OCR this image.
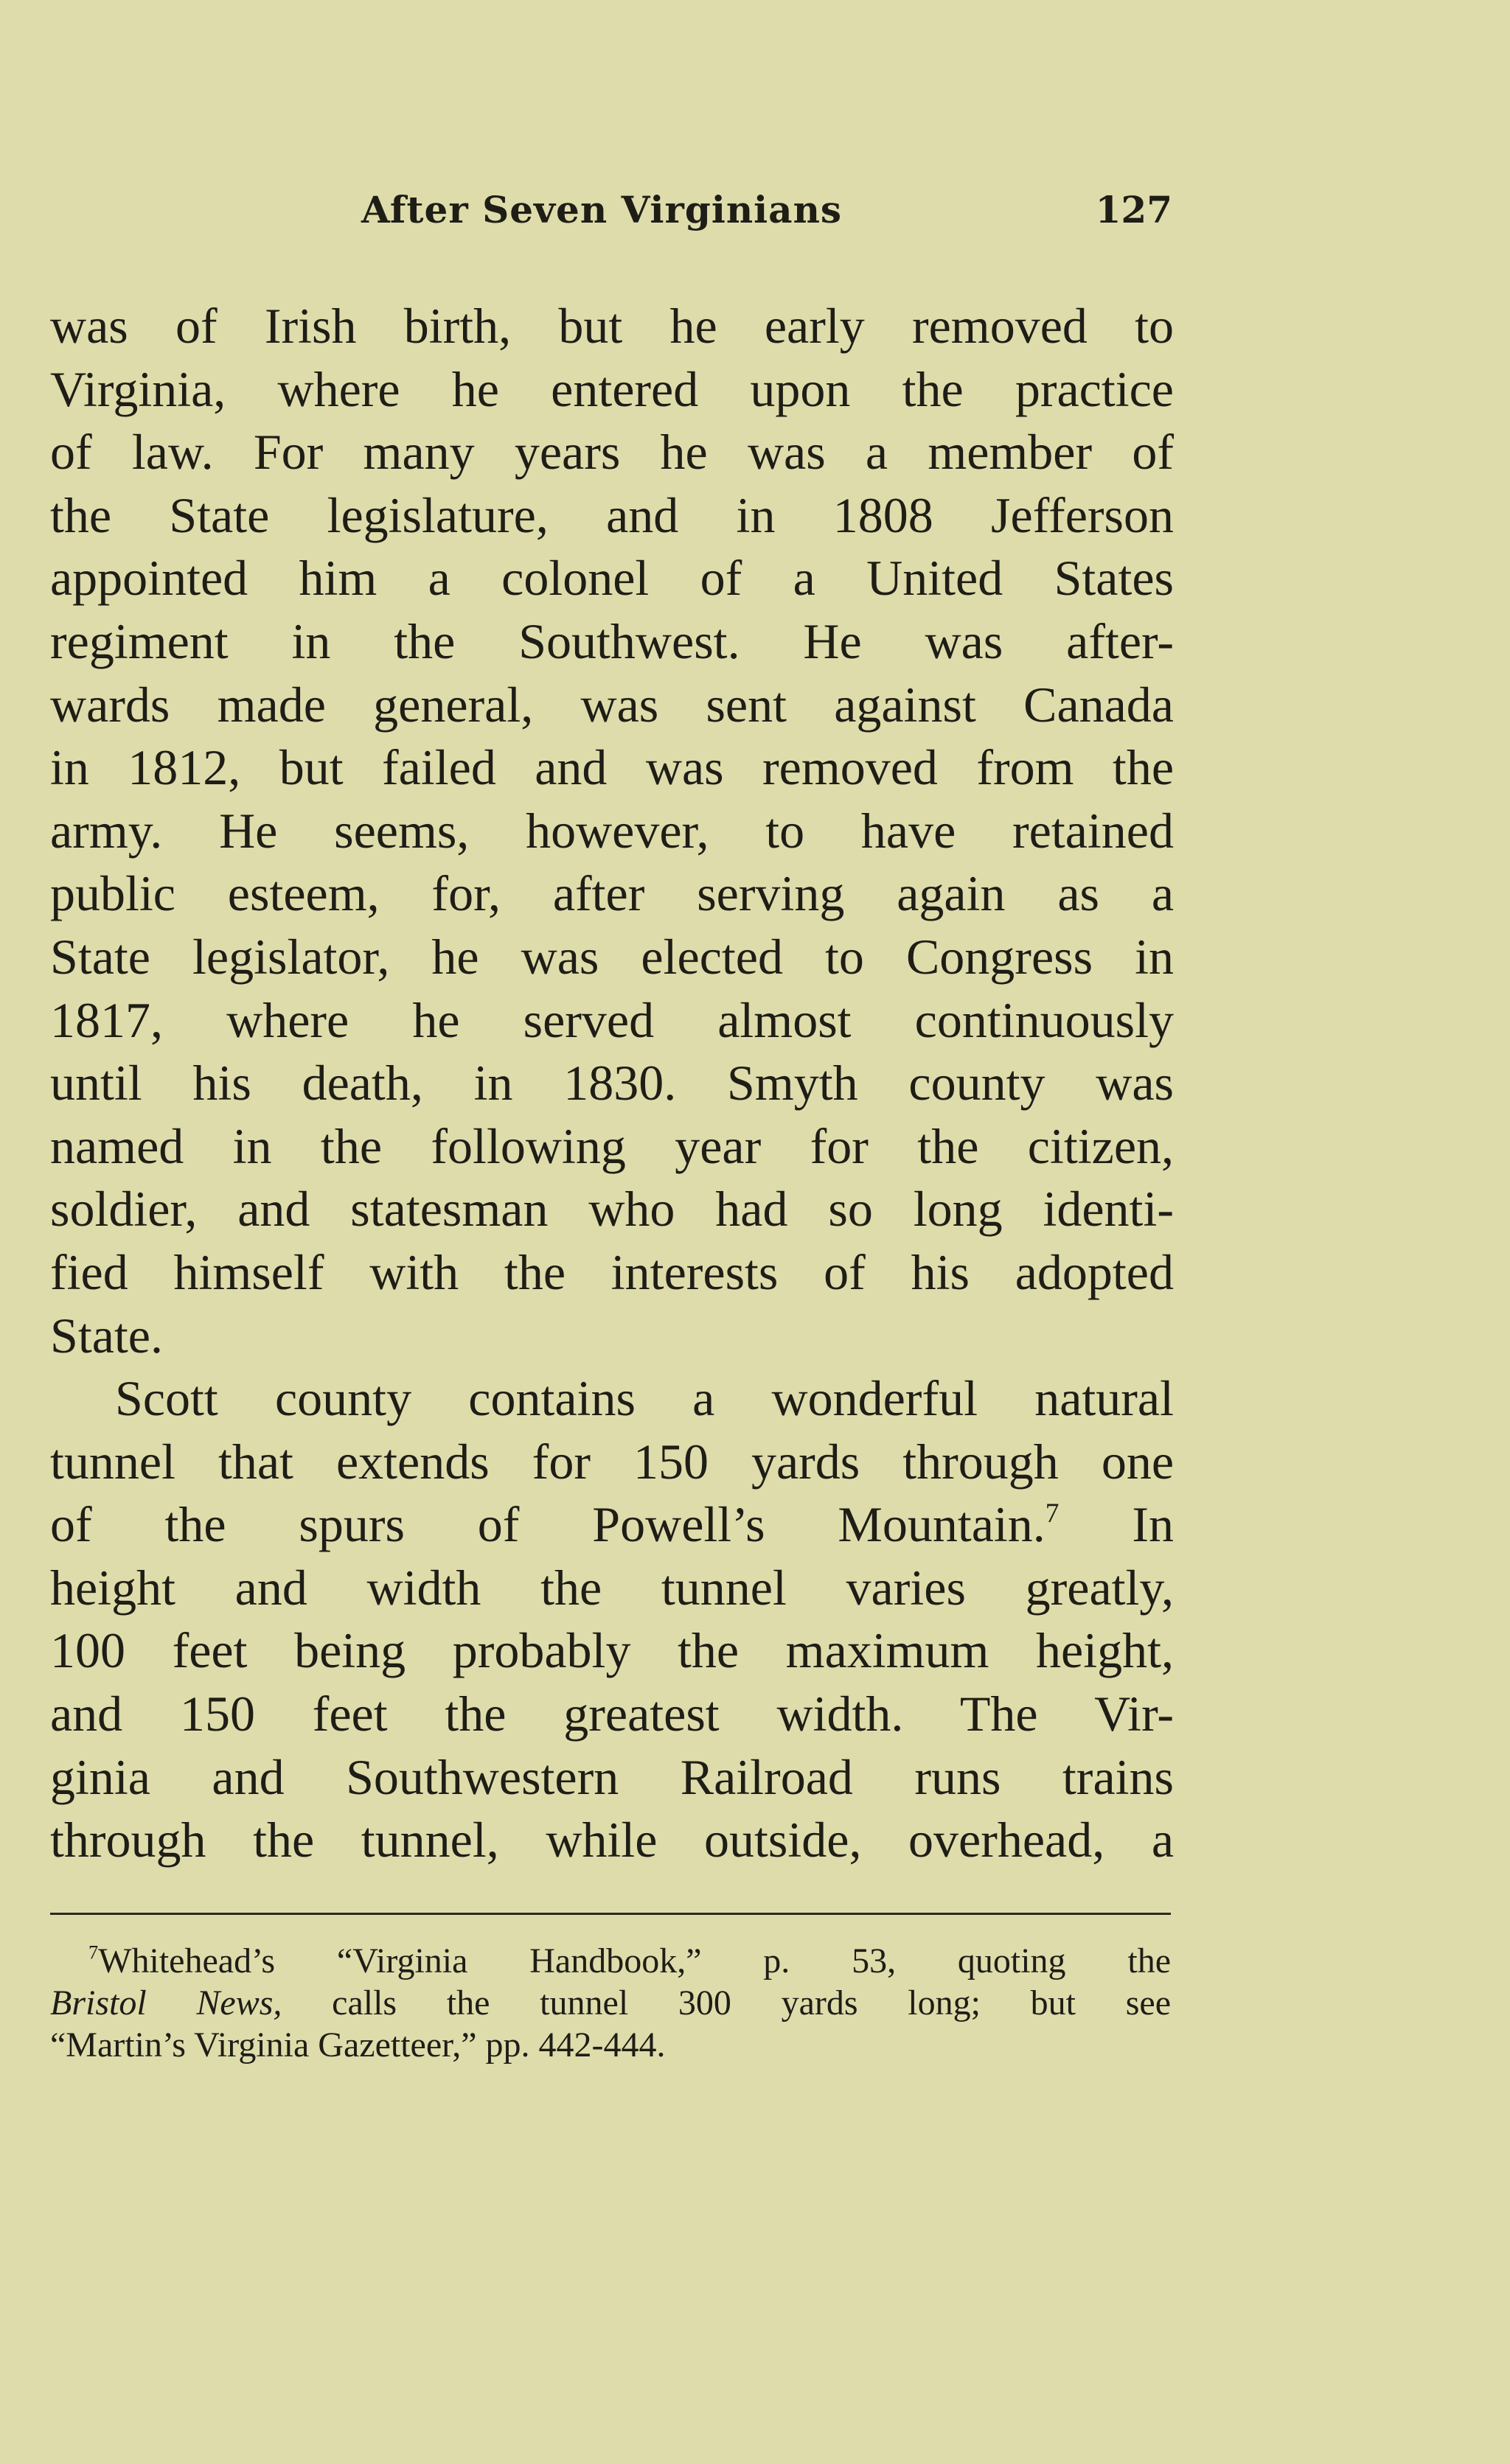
After Seven Virginians	127
was of Irish birth, but he early removed to
Virginia, where he entered upon the practice
of law. For many years he was a member of
the State legislature, and in 1808 Jefferson
appointed him a colonel of a United States
regiment in the Southwest. He was after-
wards made general, was sent against Canada
in 1812, but failed and was removed from the
army. He seems, however, to have retained
public esteem, for, after serving again as a
State legislator, he was elected to Congress in
1817, where he served almost continuously
until his death, in 1830. Smyth county was
named in the following year for the citizen,
soldier, and statesman who had so long identi-
fied himself with the interests of his adopted
State.
Scott county contains a wonderful natural
tunnel that extends for 150 yards through one
of the spurs of Powell’s Mountain.$^7$ In
height and width the tunnel varies greatly,
100 feet being probably the maximum height,
and 150 feet the greatest width. The Vir-
ginia and Southwestern Railroad runs trains
through the tunnel, while outside, overhead, a
$^7$Whitehead’s “Virginia Handbook,” p. 53, quoting the
Bristol News, calls the tunnel 300 yards long; but see
“Martin’s Virginia Gazetteer,” pp. 442-444.
